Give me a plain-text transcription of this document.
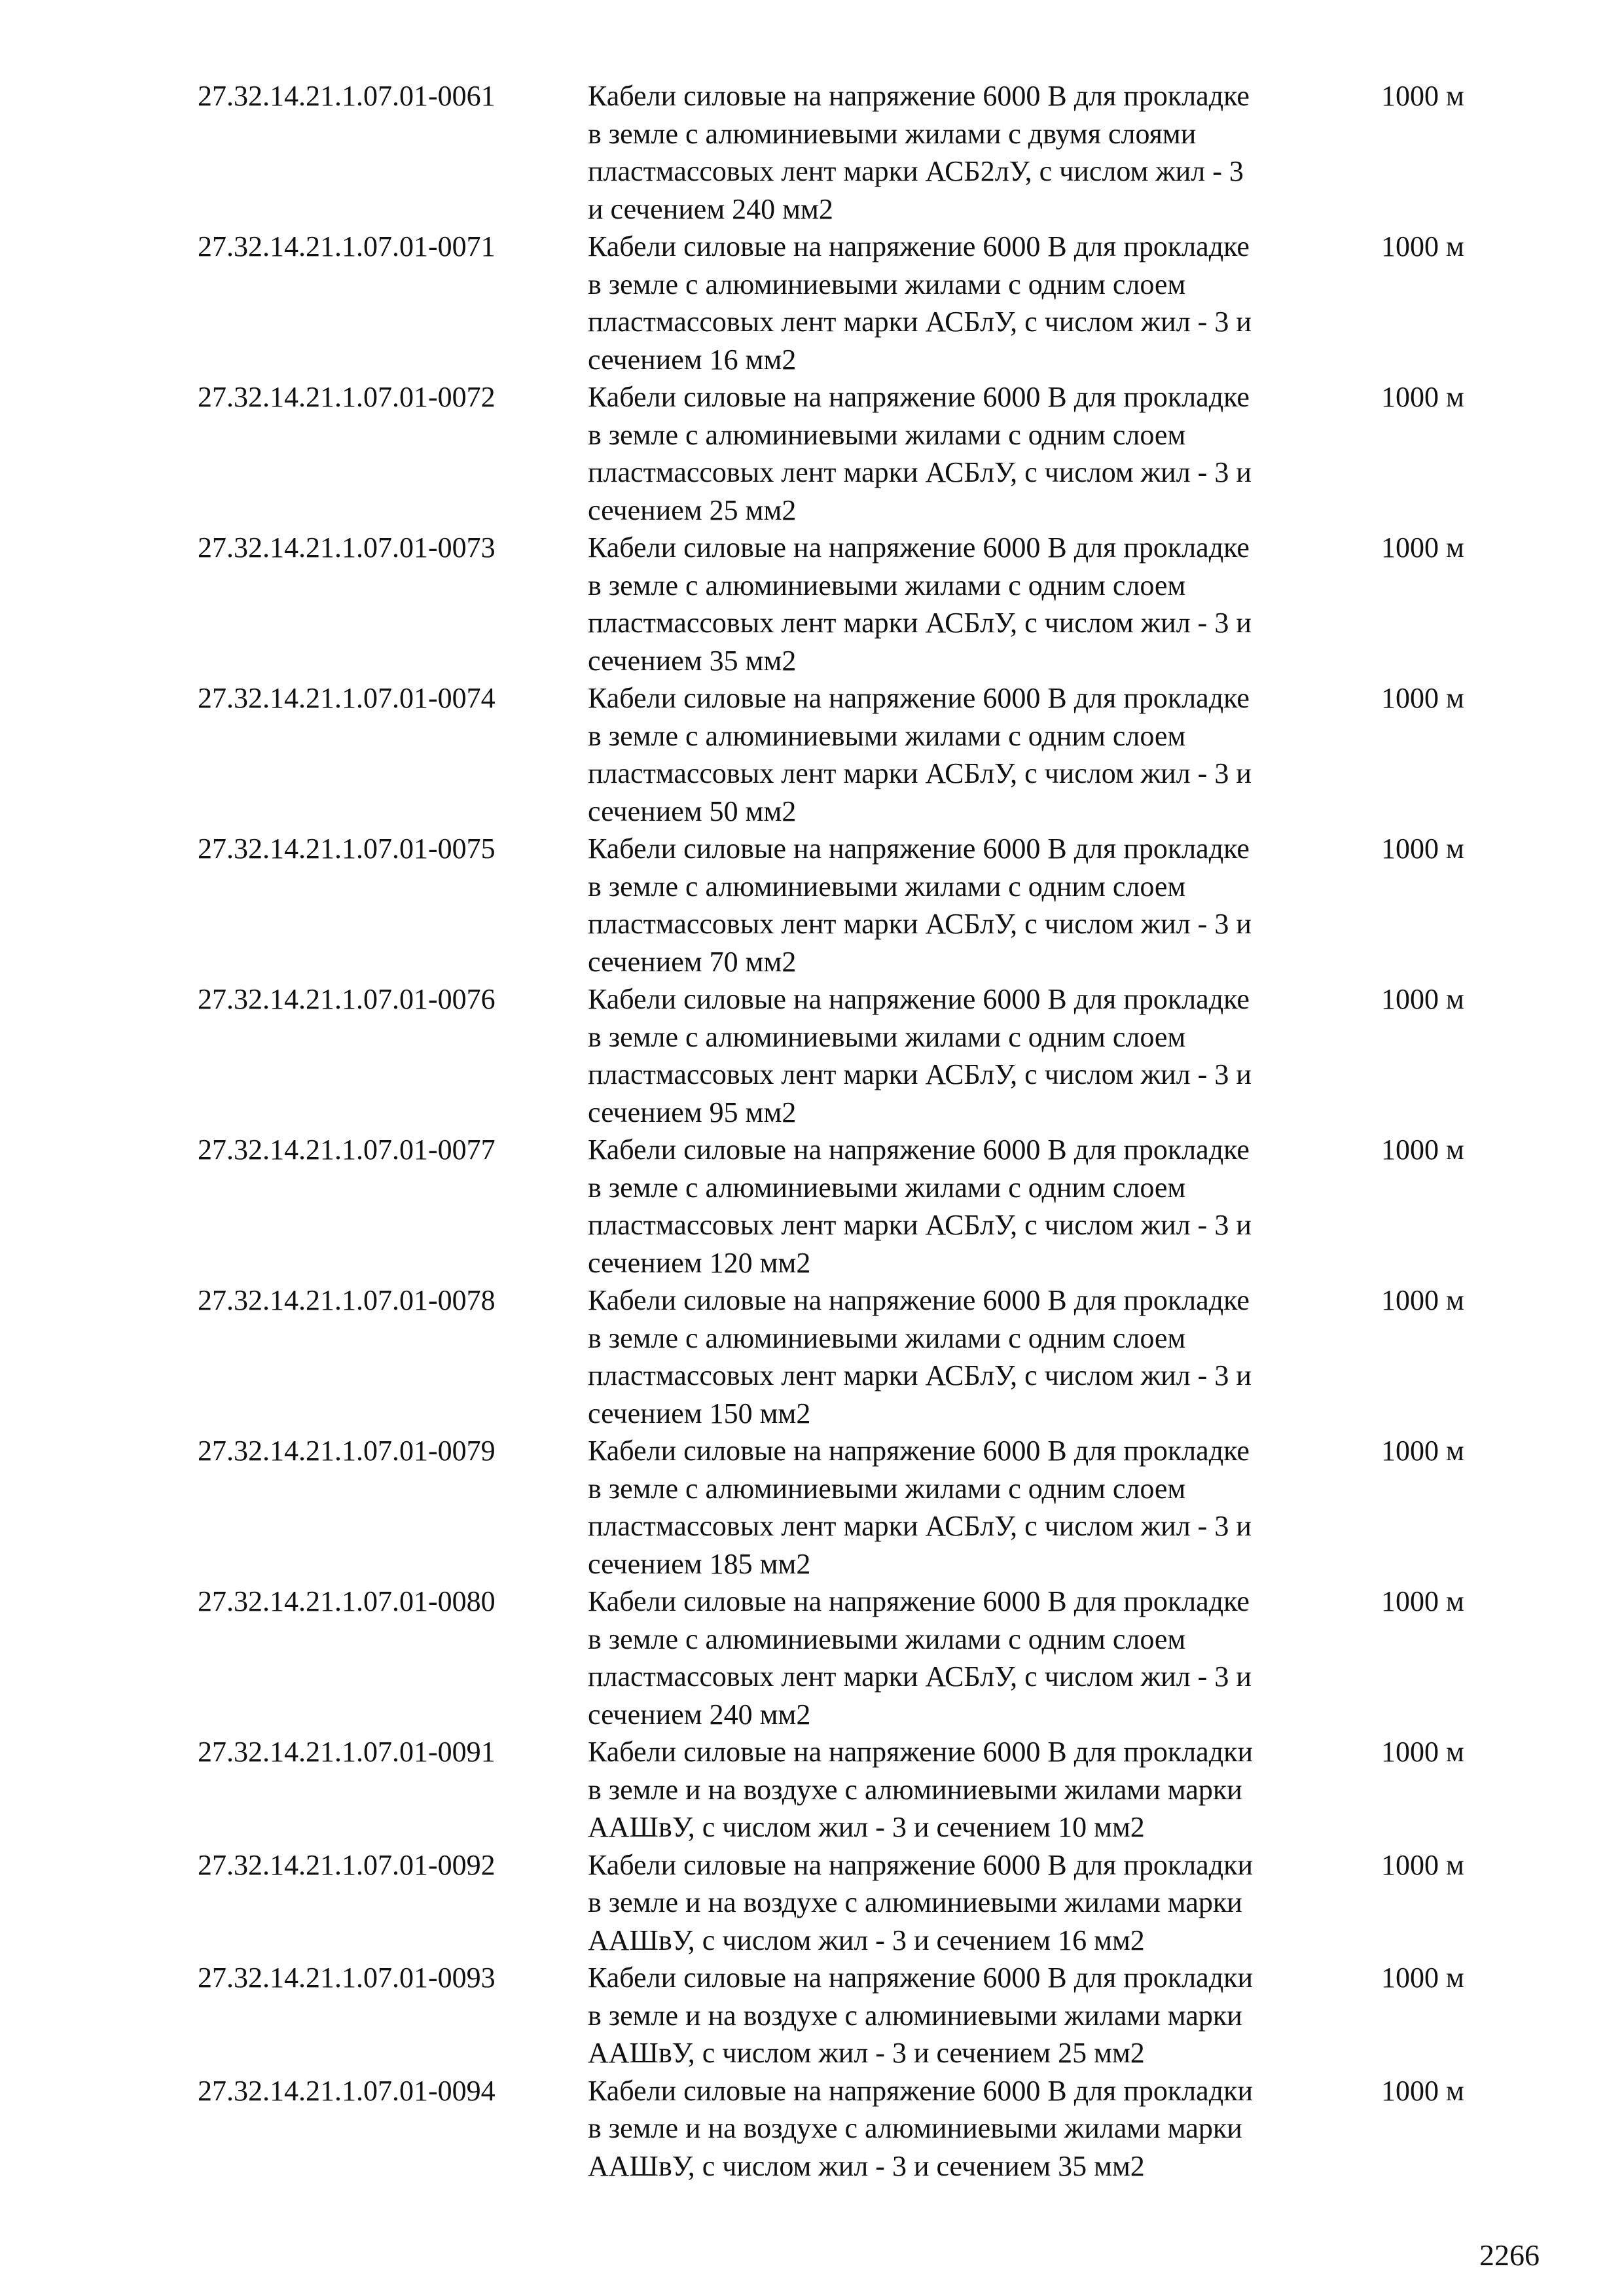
27.32.14.21.1.07.01-0061	Кабели силовые на напряжение 6000 В для прокладке
в земле с алюминиевыми жилами с двумя слоями
пластмассовых лент марки АСБ2лУ, с числом жил - 3
и сечением 240 мм2
1000 м
27.32.14.21.1.07.01-0071	Кабели силовые на напряжение 6000 В для прокладке
в земле с алюминиевыми жилами с одним слоем
пластмассовых лент марки АСБлУ, с числом жил - 3 и
сечением 16 мм2
1000 м
27.32.14.21.1.07.01-0072	Кабели силовые на напряжение 6000 В для прокладке
в земле с алюминиевыми жилами с одним слоем
пластмассовых лент марки АСБлУ, с числом жил - 3 и
сечением 25 мм2
1000 м
27.32.14.21.1.07.01-0073	Кабели силовые на напряжение 6000 В для прокладке
в земле с алюминиевыми жилами с одним слоем
пластмассовых лент марки АСБлУ, с числом жил - 3 и
сечением 35 мм2
1000 м
27.32.14.21.1.07.01-0074	Кабели силовые на напряжение 6000 В для прокладке
в земле с алюминиевыми жилами с одним слоем
пластмассовых лент марки АСБлУ, с числом жил - 3 и
сечением 50 мм2
1000 м
27.32.14.21.1.07.01-0075	Кабели силовые на напряжение 6000 В для прокладке
в земле с алюминиевыми жилами с одним слоем
пластмассовых лент марки АСБлУ, с числом жил - 3 и
сечением 70 мм2
1000 м
27.32.14.21.1.07.01-0076	Кабели силовые на напряжение 6000 В для прокладке
в земле с алюминиевыми жилами с одним слоем
пластмассовых лент марки АСБлУ, с числом жил - 3 и
сечением 95 мм2
1000 м
27.32.14.21.1.07.01-0077	Кабели силовые на напряжение 6000 В для прокладке
в земле с алюминиевыми жилами с одним слоем
пластмассовых лент марки АСБлУ, с числом жил - 3 и
сечением 120 мм2
1000 м
27.32.14.21.1.07.01-0078	Кабели силовые на напряжение 6000 В для прокладке
в земле с алюминиевыми жилами с одним слоем
пластмассовых лент марки АСБлУ, с числом жил - 3 и
сечением 150 мм2
1000 м
27.32.14.21.1.07.01-0079	Кабели силовые на напряжение 6000 В для прокладке
в земле с алюминиевыми жилами с одним слоем
пластмассовых лент марки АСБлУ, с числом жил - 3 и
сечением 185 мм2
1000 м
27.32.14.21.1.07.01-0080	Кабели силовые на напряжение 6000 В для прокладке
в земле с алюминиевыми жилами с одним слоем
пластмассовых лент марки АСБлУ, с числом жил - 3 и
сечением 240 мм2
1000 м
27.32.14.21.1.07.01-0091	Кабели силовые на напряжение 6000 В для прокладки
в земле и на воздухе с алюминиевыми жилами марки
ААШвУ, с числом жил - 3 и сечением 10 мм2
1000 м
27.32.14.21.1.07.01-0092	Кабели силовые на напряжение 6000 В для прокладки
в земле и на воздухе с алюминиевыми жилами марки
ААШвУ, с числом жил - 3 и сечением 16 мм2
1000 м
27.32.14.21.1.07.01-0093	Кабели силовые на напряжение 6000 В для прокладки
в земле и на воздухе с алюминиевыми жилами марки
ААШвУ, с числом жил - 3 и сечением 25 мм2
1000 м
27.32.14.21.1.07.01-0094	Кабели силовые на напряжение 6000 В для прокладки
в земле и на воздухе с алюминиевыми жилами марки
ААШвУ, с числом жил - 3 и сечением 35 мм2
1000 м
2266
